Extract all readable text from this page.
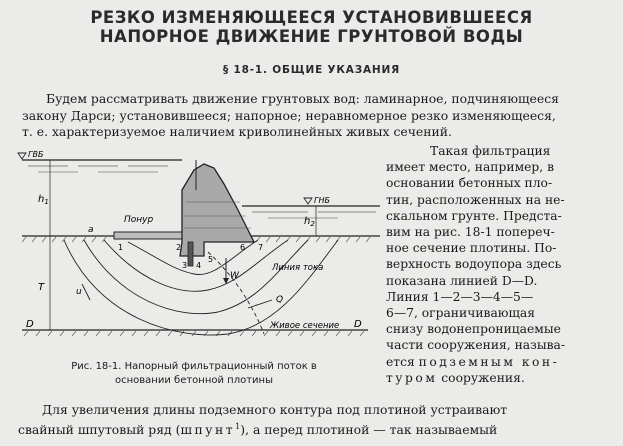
РЕЗКО ИЗМЕНЯЮЩЕЕСЯ УСТАНОВИВШЕЕСЯ
НАПОРНОЕ ДВИЖЕНИЕ ГРУНТОВОЙ ВОДЫ
§ 18-1. ОБЩИЕ УКАЗАНИЯ
Будем рассматривать движение грунтовых вод: ламинарное, подчиняющееся
закону Дарси; установившееся; напорное; неравномерное резко изменяющееся,
т. е. характеризуемое наличием криволинейных живых сечений.
ГВБ
ГНБ
$h_1$
$h_2$
a
Понур
1	2
3 4
5
6 7
Линия тока
Живое сечение
u
W
Q
T
D	D
Такая фильтрация
имеет место, например, в
основании бетонных пло-
тин, расположенных на не-
скальном грунте. Предста-
вим на рис. 18-1 попереч-
ное сечение плотины. По-
верхность водоупора здесь
показана линией D—D.
Линия 1—2—3—4—5—
6—7, ограничивающая
снизу водонепроницаемые
части сооружения, называ-
ется подземным кон-
туром сооружения.
Рис. 18-1. Напорный фильтрационный поток в
основании бетонной плотины
Для увеличения длины подземного контура под плотиной устраивают
свайный шпутовый ряд (шпунт$^1$), а перед плотиной — так называемый
